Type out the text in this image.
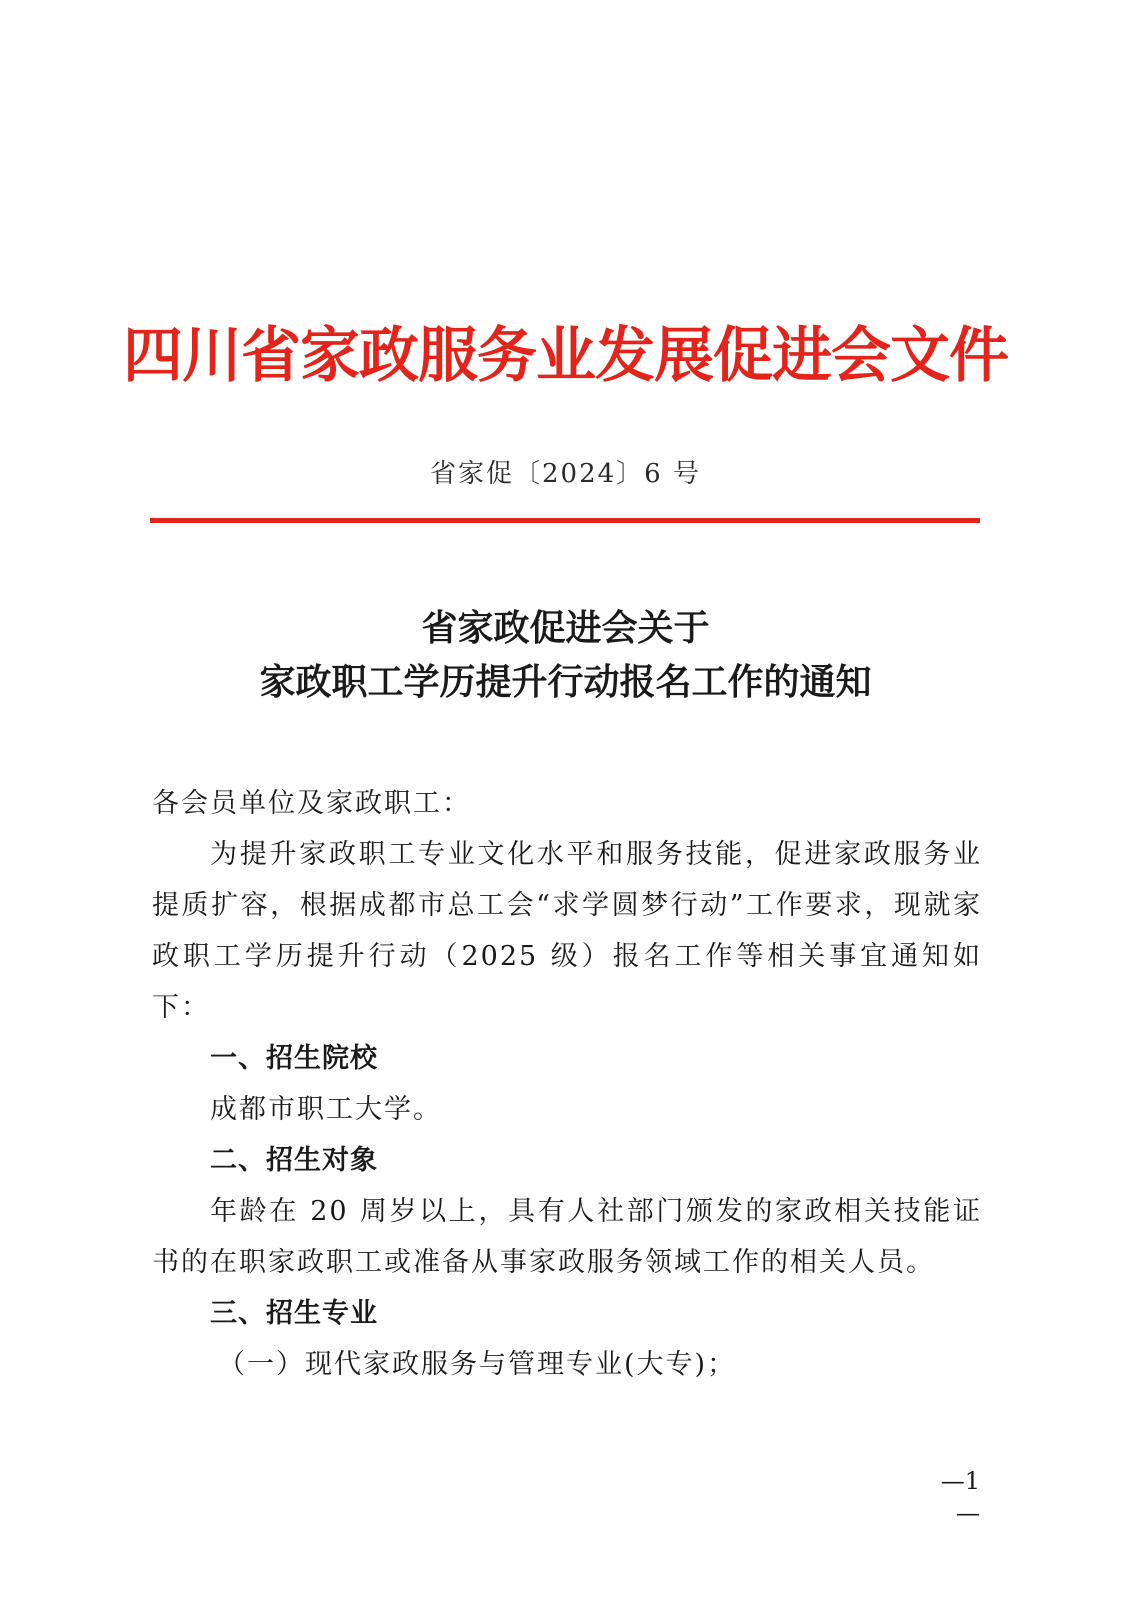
四川省家政服务业发展促进会文件
省家促〔2024〕6 号
省家政促进会关于
家政职工学历提升行动报名工作的通知

各会员单位及家政职工：

为提升家政职工专业文化水平和服务技能，促进家政服务业提质扩容，根据成都市总工会“求学圆梦行动”工作要求，现就家政职工学历提升行动（2025 级）报名工作等相关事宜通知如下：

一、招生院校

成都市职工大学。

二、招生对象

年龄在 20 周岁以上，具有人社部门颁发的家政相关技能证书的在职家政职工或准备从事家政服务领域工作的相关人员。

三、招生专业

（一）现代家政服务与管理专业(大专)；

—1—
